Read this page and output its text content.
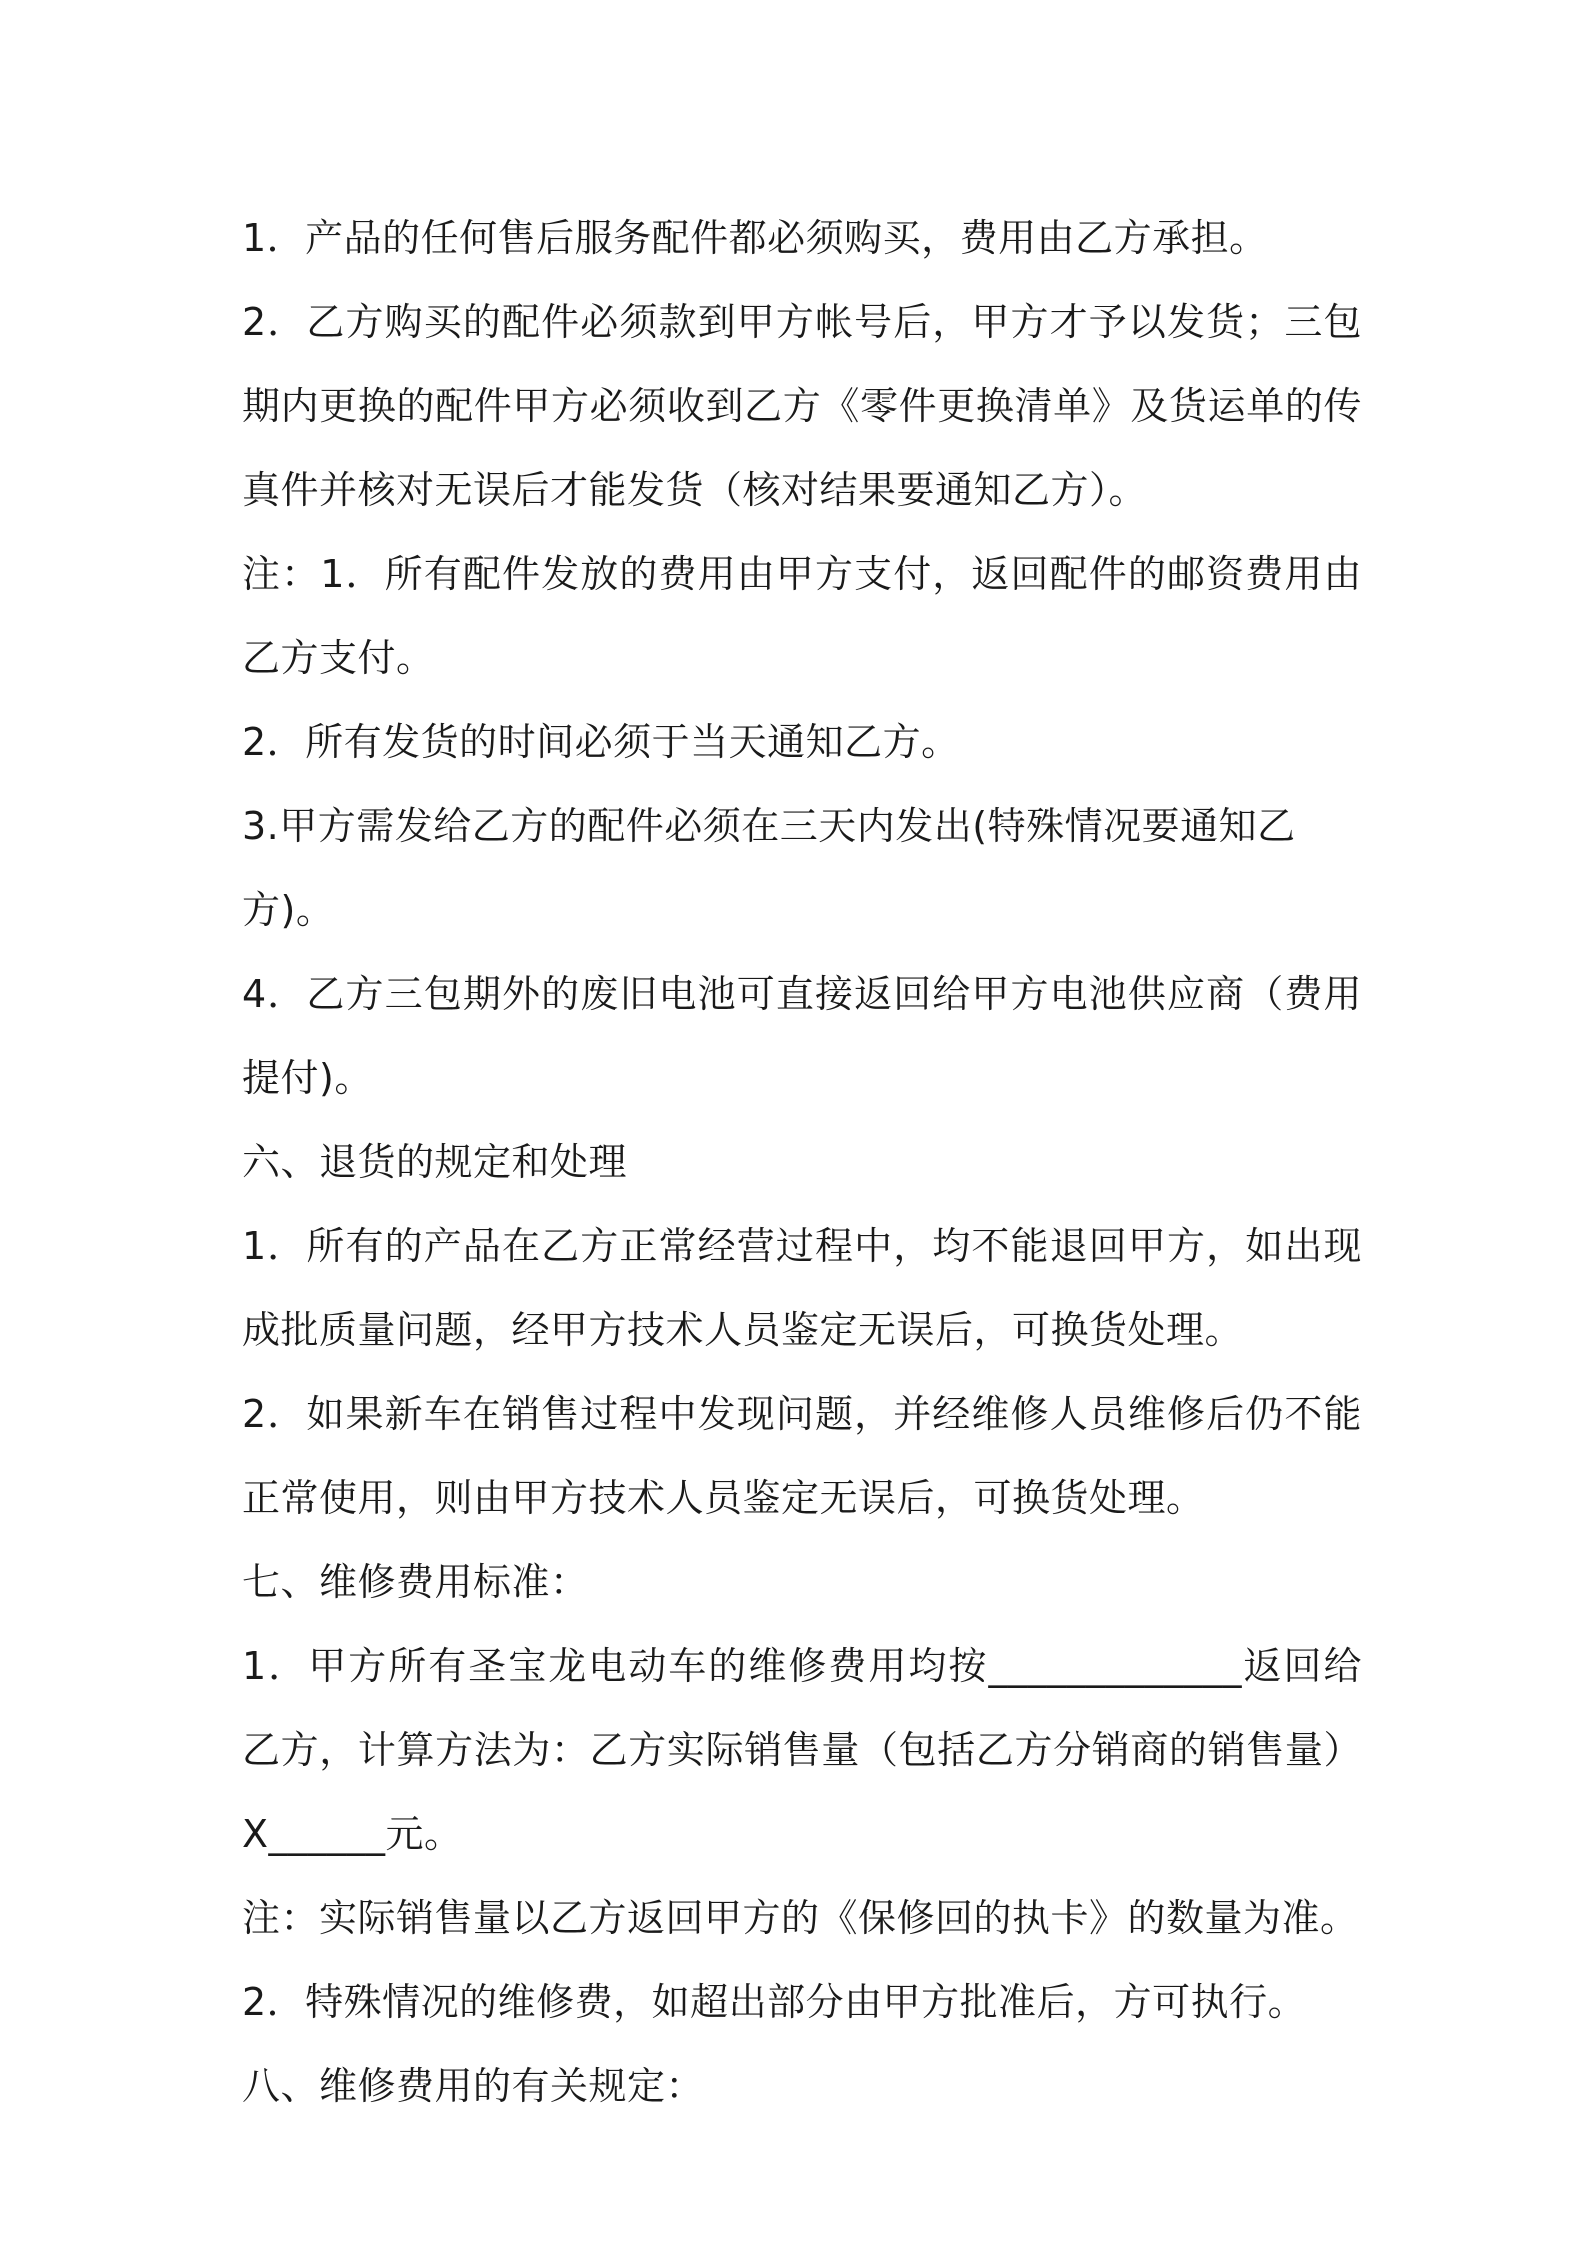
1．产品的任何售后服务配件都必须购买，费用由乙方承担。

2．乙方购买的配件必须款到甲方帐号后，甲方才予以发货；三包期内更换的配件甲方必须收到乙方《零件更换清单》及货运单的传真件并核对无误后才能发货（核对结果要通知乙方）。

注：1．所有配件发放的费用由甲方支付，返回配件的邮资费用由乙方支付。

2．所有发货的时间必须于当天通知乙方。

3.甲方需发给乙方的配件必须在三天内发出(特殊情况要通知乙方)。

4．乙方三包期外的废旧电池可直接返回给甲方电池供应商（费用提付)。

六、退货的规定和处理

1．所有的产品在乙方正常经营过程中，均不能退回甲方，如出现成批质量问题，经甲方技术人员鉴定无误后，可换货处理。

2．如果新车在销售过程中发现问题，并经维修人员维修后仍不能正常使用，则由甲方技术人员鉴定无误后，可换货处理。

七、维修费用标准：

1．甲方所有圣宝龙电动车的维修费用均按_____________返回给乙方，计算方法为：乙方实际销售量（包括乙方分销商的销售量）X______元。

注：实际销售量以乙方返回甲方的《保修回的执卡》的数量为准。

2．特殊情况的维修费，如超出部分由甲方批准后，方可执行。

八、维修费用的有关规定：
